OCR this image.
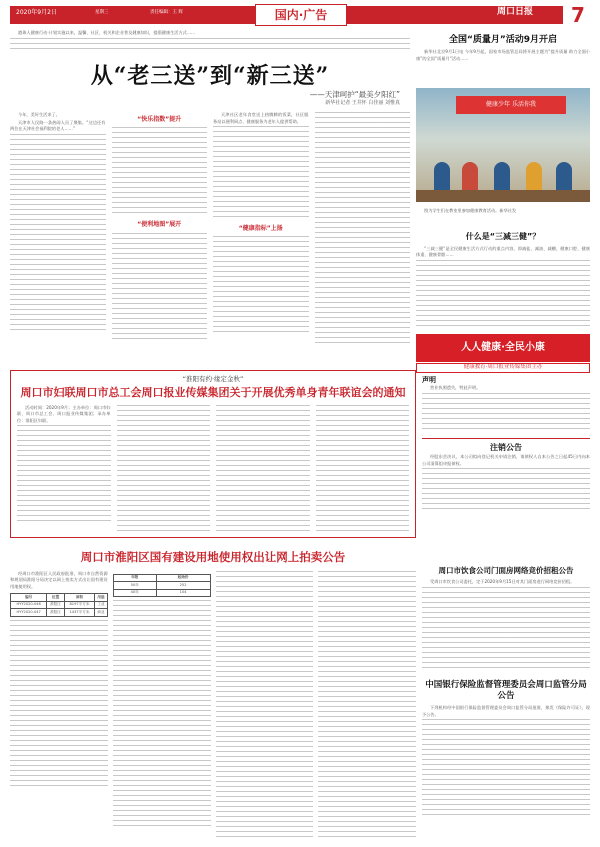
2020年9月2日	星期三	责任编辑：王 辉	国内·广告	周口日报	7

港珠人健康行动·计划实施以来，温馨、社区、机关和企业普及健康知识，提倡健康生活方式……

从“老三送”到“新三送”
——天津呵护“最美夕阳红”
新华社记者 王井怀 白佳丽 刘惟真

今年，美好生活来了。

天津市人民路一条热闹人员了聚集。“这边还有两位在天津社会福利院的老人……”

“快乐指数”提升
“便利地图”展开

天津社区老年食堂送上热腾腾的饭菜，社区服务站以便利网点、健康服务为老年人提供帮助。

“健康指标”上扬
全国“质量月”活动9月开启

新华社北京9月1日电 今年9月起，国家市场监管总局将开展主题为“提升质量 助力全面小康”的全国“质量月”活动……

健康少年 乐活你我

图为学生们在教室里参加健康教育活动。新华社发

什么是“三减三健”？

“三减三健”是全民健康生活方式行动的重点内容，即减盐、减油、减糖，健康口腔、健康体重、健康骨骼……

人人健康·全民小康
健康教育·周口报业传媒集团主办
“淮阳有约·缘定金秋”
周口市妇联周口市总工会周口报业传媒集团关于开展优秀单身青年联谊会的通知

活动时间：2020年9月；主办单位：周口市妇联、周口市总工会、周口报业传媒集团；承办单位：淮阳区妇联。

声明

营业执照遗失，特此声明。

注销公告

经股东会决议，本公司拟向登记机关申请注销，请债权人自本公告之日起45日内向本公司清算组申报债权。

周口市淮阳区国有建设用地使用权出让网上拍卖公告

经周口市淮阳区人民政府批准，周口市自然资源和规划局淮阳分局决定以网上拍卖方式出让国有建设用地使用权。

编号	位置	面积	用途
HYY2020-046	淮阳区	8197平方米	工业
HYY2020-047	淮阳区	1437平方米	商业
年限	起始价
50年	252
40年	104
周口市饮食公司门面房网络竞价招租公告

受周口市饮食公司委托，定于2020年9月15日对其门面房进行网络竞价招租。

中国银行保险监督管理委员会周口监管分局公告

下列机构经中国银行保险监督管理委员会周口监管分局批准，换发《保险许可证》，现予公告。
